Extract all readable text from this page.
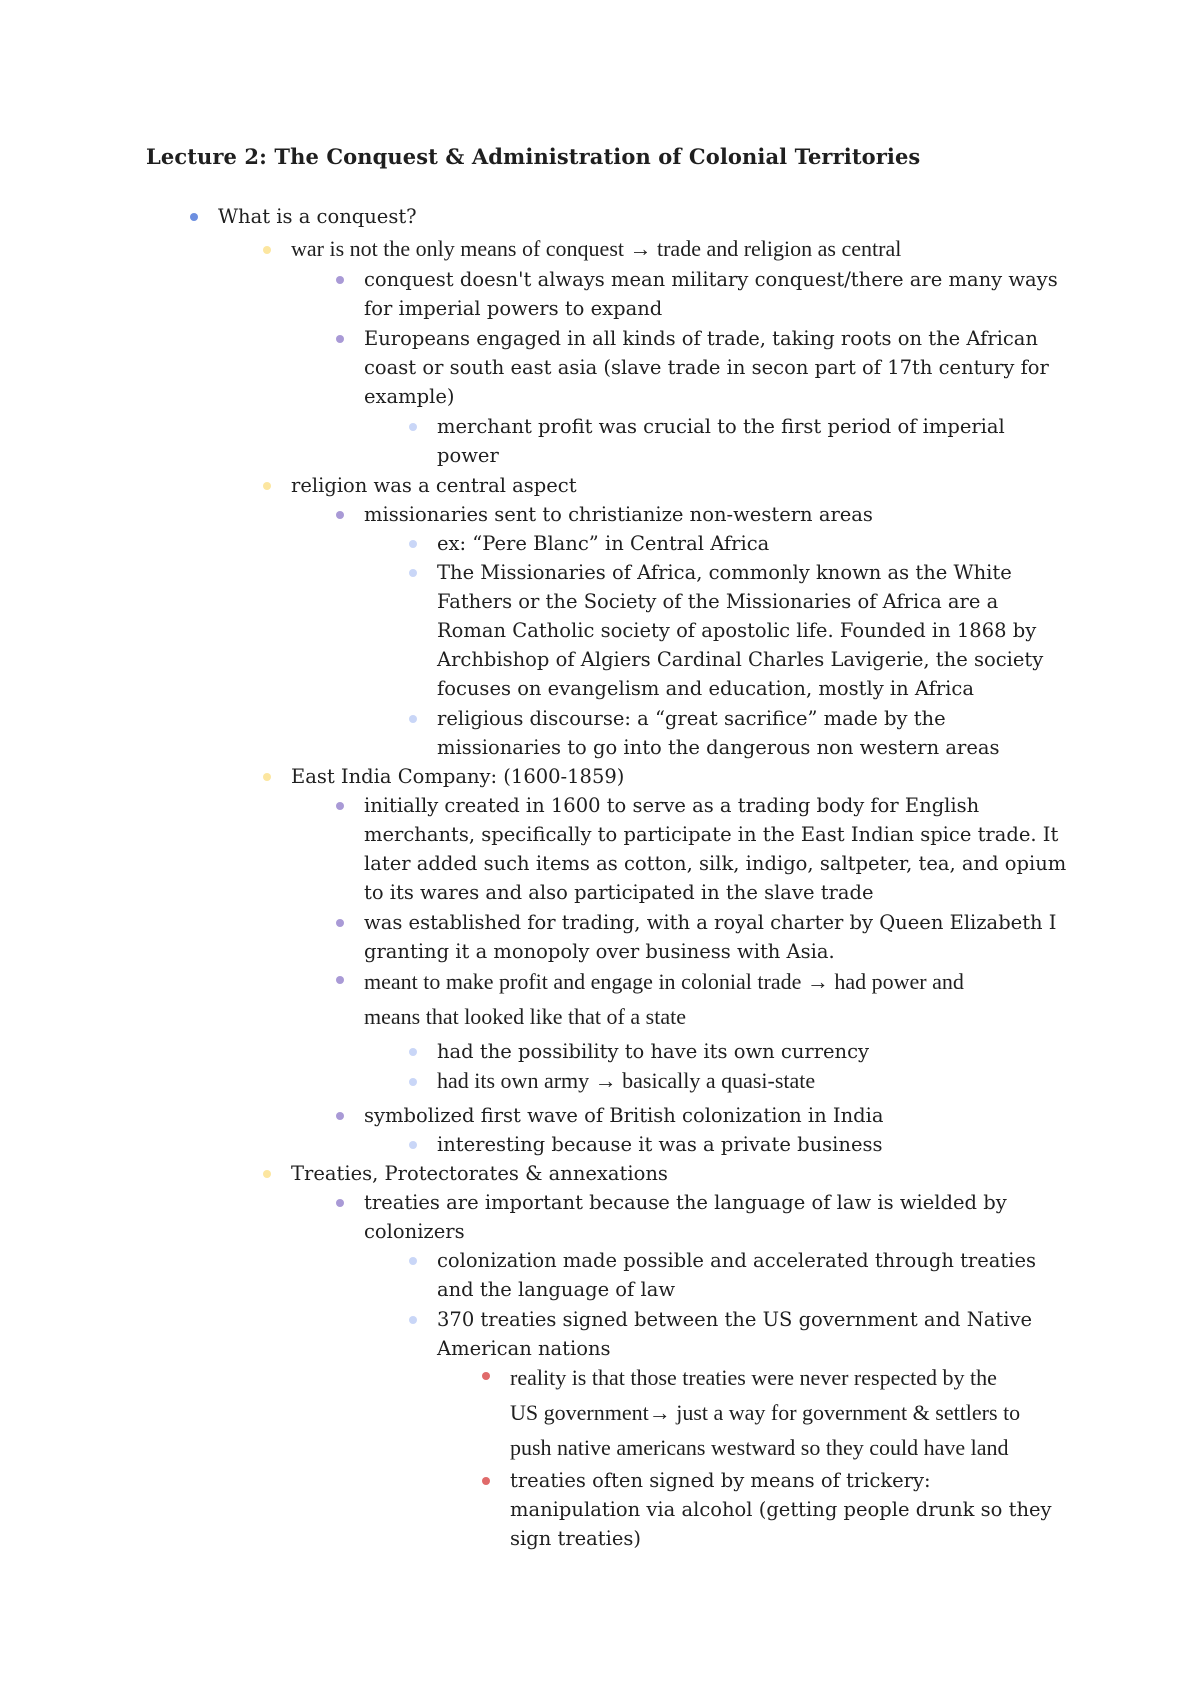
Lecture 2: The Conquest & Administration of Colonial Territories
What is a conquest?
war is not the only means of conquest → trade and religion as central
conquest doesn't always mean military conquest/there are many ways
for imperial powers to expand
Europeans engaged in all kinds of trade, taking roots on the African
coast or south east asia (slave trade in secon part of 17th century for
example)
merchant profit was crucial to the first period of imperial
power
religion was a central aspect
missionaries sent to christianize non-western areas
ex: “Pere Blanc” in Central Africa
The Missionaries of Africa, commonly known as the White
Fathers or the Society of the Missionaries of Africa are a
Roman Catholic society of apostolic life. Founded in 1868 by
Archbishop of Algiers Cardinal Charles Lavigerie, the society
focuses on evangelism and education, mostly in Africa
religious discourse: a “great sacrifice” made by the
missionaries to go into the dangerous non western areas
East India Company: (1600-1859)
initially created in 1600 to serve as a trading body for English
merchants, specifically to participate in the East Indian spice trade. It
later added such items as cotton, silk, indigo, saltpeter, tea, and opium
to its wares and also participated in the slave trade
was established for trading, with a royal charter by Queen Elizabeth I
granting it a monopoly over business with Asia.
meant to make profit and engage in colonial trade → had power and
means that looked like that of a state
had the possibility to have its own currency
had its own army → basically a quasi-state
symbolized first wave of British colonization in India
interesting because it was a private business
Treaties, Protectorates & annexations
treaties are important because the language of law is wielded by
colonizers
colonization made possible and accelerated through treaties
and the language of law
370 treaties signed between the US government and Native
American nations
reality is that those treaties were never respected by the
US government→ just a way for government & settlers to
push native americans westward so they could have land
treaties often signed by means of trickery:
manipulation via alcohol (getting people drunk so they
sign treaties)
